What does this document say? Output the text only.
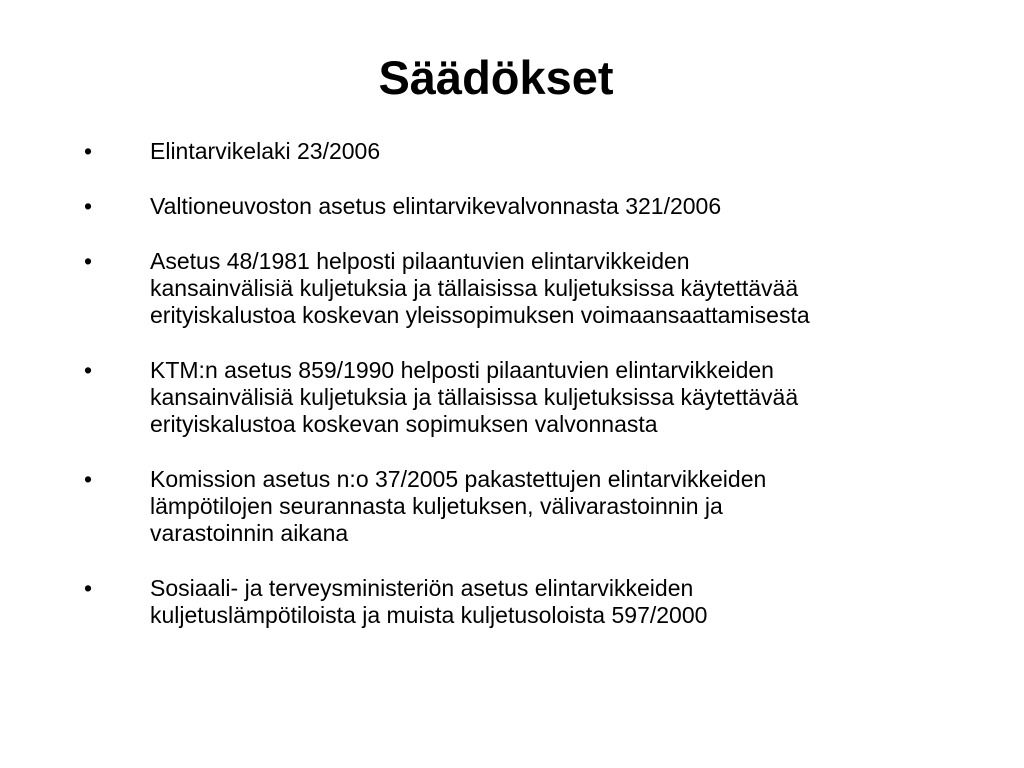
Säädökset
•	Elintarvikelaki 23/2006
•	Valtioneuvoston asetus elintarvikevalvonnasta 321/2006
•	Asetus 48/1981 helposti pilaantuvien elintarvikkeiden
kansainvälisiä kuljetuksia ja tällaisissa kuljetuksissa käytettävää
erityiskalustoa koskevan yleissopimuksen voimaansaattamisesta
•	KTM:n asetus 859/1990 helposti pilaantuvien elintarvikkeiden
kansainvälisiä kuljetuksia ja tällaisissa kuljetuksissa käytettävää
erityiskalustoa koskevan sopimuksen valvonnasta
•	Komission asetus n:o 37/2005 pakastettujen elintarvikkeiden
lämpötilojen seurannasta kuljetuksen, välivarastoinnin ja
varastoinnin aikana
•	Sosiaali- ja terveysministeriön asetus elintarvikkeiden
kuljetuslämpötiloista ja muista kuljetusoloista 597/2000
